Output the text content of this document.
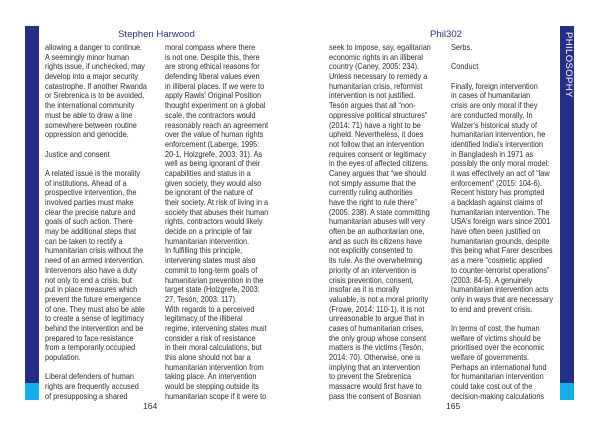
PHILOSOPHY
Stephen Harwood	Phil302
allowing a danger to continue.
A seemingly minor human
rights issue, if unchecked, may
develop into a major security
catastrophe. If another Rwanda
or Srebrenica is to be avoided,
the international community
must be able to draw a line
somewhere between routine
oppression and genocide.
Justice and consent
A related issue is the morality
of institutions. Ahead of a
prospective intervention, the
involved parties must make
clear the precise nature and
goals of such action. There
may be additional steps that
can be taken to rectify a
humanitarian crisis without the
need of an armed intervention.
Intervenors also have a duty
not only to end a crisis, but
put in place measures which
prevent the future emergence
of one. They must also be able
to create a sense of legitimacy
behind the intervention and be
prepared to face resistance
from a temporarily occupied
population.
Liberal defenders of human
rights are frequently accused
of presupposing a shared
moral compass where there
is not one. Despite this, there
are strong ethical reasons for
defending liberal values even
in illiberal places. If we were to
apply Rawls' Original Position
thought experiment on a global
scale, the contractors would
reasonably reach an agreement
over the value of human rights
enforcement (Laberge, 1995:
20-1, Holzgrefe, 2003: 31). As
well as being ignorant of their
capabilities and status in a
given society, they would also
be ignorant of the nature of
their society. At risk of living in a
society that abuses their human
rights, contractors would likely
decide on a principle of fair
humanitarian intervention.
In fulfilling this principle,
intervening states must also
commit to long-term goals of
humanitarian prevention in the
target state (Holzgrefe, 2003:
27, Tesón, 2003: 117).
With regards to a perceived
legitimacy of the illiberal
regime, intervening states must
consider a risk of resistance
in their moral calculations, but
this alone should not bar a
humanitarian intervention from
taking place. An intervention
would be stepping outside its
humanitarian scope if it were to
seek to impose, say, egalitarian
economic rights in an illiberal
country (Caney, 2005: 234).
Unless necessary to remedy a
humanitarian crisis, reformist
intervention is not justified.
Tesón argues that all “non-
oppressive political structures”
(2014: 71) have a right to be
upheld. Nevertheless, it does
not follow that an intervention
requires consent or legitimacy
in the eyes of affected citizens.
Caney argues that “we should
not simply assume that the
currently ruling authorities
have the right to rule there”
(2005: 238). A state committing
humanitarian abuses will very
often be an authoritarian one,
and as such its citizens have
not explicitly consented to
its rule. As the overwhelming
priority of an intervention is
crisis prevention, consent,
insofar as it is morally
valuable, is not a moral priority
(Frowe, 2014: 110-1). It is not
unreasonable to argue that in
cases of humanitarian crises,
the only group whose consent
matters is the victims (Tesón,
2014: 70). Otherwise, one is
implying that an intervention
to prevent the Srebrenica
massacre would first have to
pass the consent of Bosnian
Serbs.
Conduct
Finally, foreign intervention
in cases of humanitarian
crisis are only moral if they
are conducted morally. In
Walzer's historical study of
humanitarian intervention, he
identified India's intervention
in Bangladesh in 1971 as
possibly the only moral model:
it was effectively an act of “law
enforcement” (2015: 104-6).
Recent history has prompted
a backlash against claims of
humanitarian intervention. The
USA's foreign wars since 2001
have often been justified on
humanitarian grounds, despite
this being what Farer describes
as a mere “cosmetic applied
to counter-terrorist operations”
(2003: 84-5). A genuinely
humanitarian intervention acts
only in ways that are necessary
to end and prevent crisis.
In terms of cost, the human
welfare of victims should be
prioritised over the economic
welfare of governments.
Perhaps an international fund
for humanitarian intervention
could take cost out of the
decision-making calculations
164	165
